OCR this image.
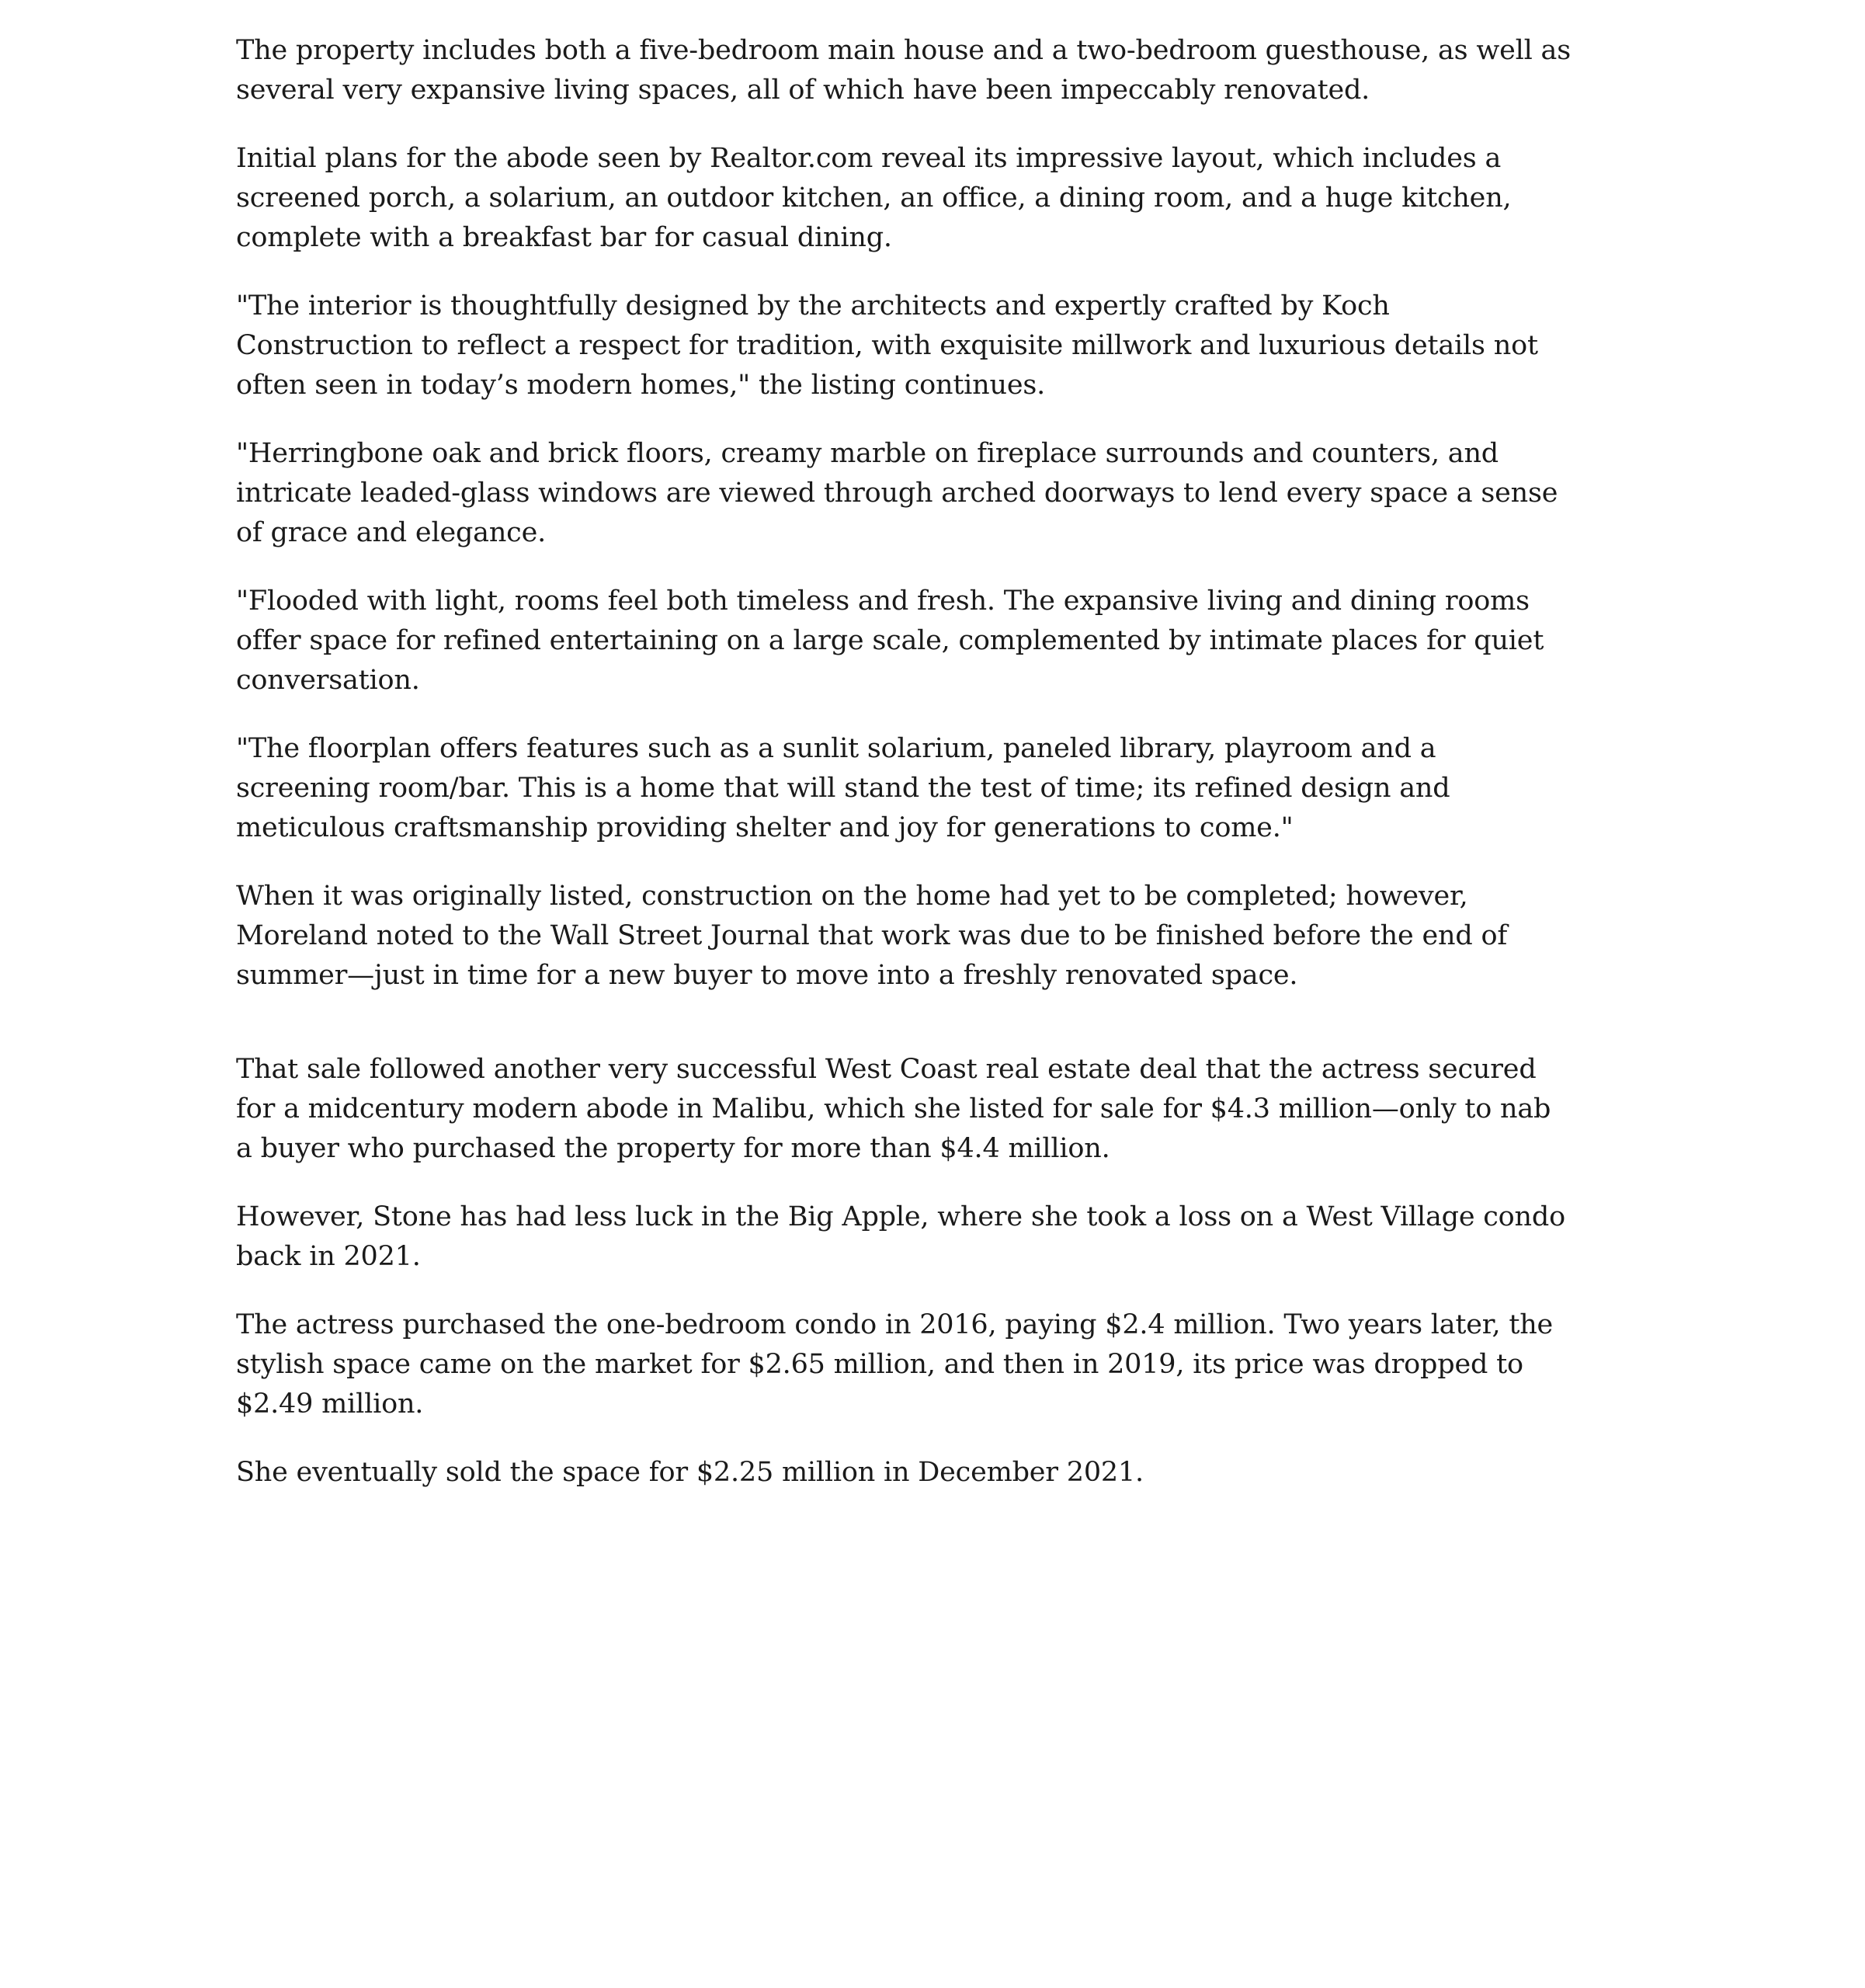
The property includes both a five-bedroom main house and a two-bedroom guesthouse, as well as several very expansive living spaces, all of which have been impeccably renovated.

Initial plans for the abode seen by Realtor.com reveal its impressive layout, which includes a screened porch, a solarium, an outdoor kitchen, an office, a dining room, and a huge kitchen, complete with a breakfast bar for casual dining.

"The interior is thoughtfully designed by the architects and expertly crafted by Koch Construction to reflect a respect for tradition, with exquisite millwork and luxurious details not often seen in today’s modern homes," the listing continues.

"Herringbone oak and brick floors, creamy marble on fireplace surrounds and counters, and intricate leaded-glass windows are viewed through arched doorways to lend every space a sense of grace and elegance.

"Flooded with light, rooms feel both timeless and fresh. The expansive living and dining rooms offer space for refined entertaining on a large scale, complemented by intimate places for quiet conversation.

"The floorplan offers features such as a sunlit solarium, paneled library, playroom and a screening room/bar. This is a home that will stand the test of time; its refined design and meticulous craftsmanship providing shelter and joy for generations to come."

When it was originally listed, construction on the home had yet to be completed; however, Moreland noted to the Wall Street Journal that work was due to be finished before the end of summer—just in time for a new buyer to move into a freshly renovated space.

That sale followed another very successful West Coast real estate deal that the actress secured for a midcentury modern abode in Malibu, which she listed for sale for $4.3 million—only to nab a buyer who purchased the property for more than $4.4 million.

However, Stone has had less luck in the Big Apple, where she took a loss on a West Village condo back in 2021.

The actress purchased the one-bedroom condo in 2016, paying $2.4 million. Two years later, the stylish space came on the market for $2.65 million, and then in 2019, its price was dropped to $2.49 million.

She eventually sold the space for $2.25 million in December 2021.
